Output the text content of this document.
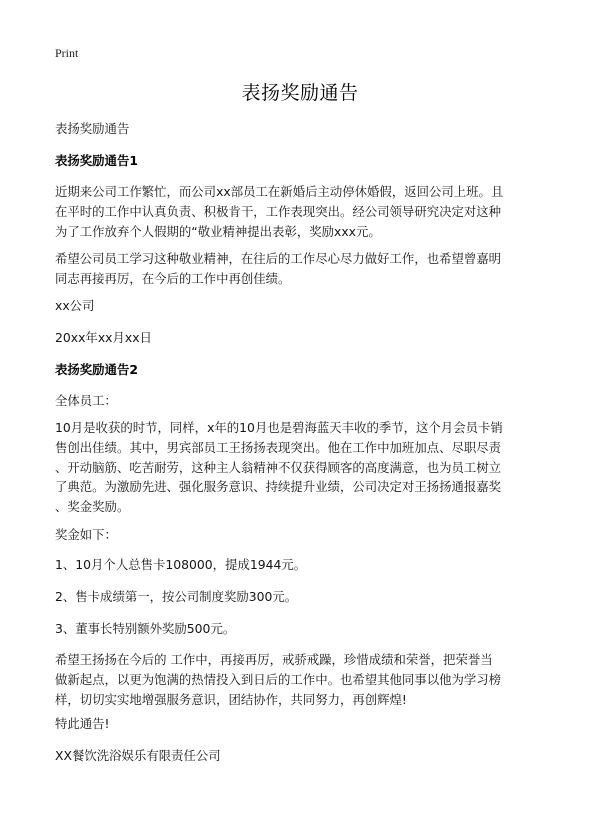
Print
表扬奖励通告
表扬奖励通告
表扬奖励通告1
近期来公司工作繁忙，而公司xx部员工在新婚后主动停休婚假，返回公司上班。且
在平时的工作中认真负责、积极肯干，工作表现突出。经公司领导研究决定对这种
为了工作放弃个人假期的“敬业精神提出表彰，奖励xxx元。
希望公司员工学习这种敬业精神，在往后的工作尽心尽力做好工作，也希望曾嘉明
同志再接再厉，在今后的工作中再创佳绩。
xx公司
20xx年xx月xx日
表扬奖励通告2
全体员工：
10月是收获的时节，同样，x年的10月也是碧海蓝天丰收的季节，这个月会员卡销
售创出佳绩。其中，男宾部员工王扬扬表现突出。他在工作中加班加点、尽职尽责
、开动脑筋、吃苦耐劳，这种主人翁精神不仅获得顾客的高度满意，也为员工树立
了典范。为激励先进、强化服务意识、持续提升业绩，公司决定对王扬扬通报嘉奖
、奖金奖励。
奖金如下：
1、10月个人总售卡108000，提成1944元。
2、售卡成绩第一，按公司制度奖励300元。
3、董事长特别额外奖励500元。
希望王扬扬在今后的 工作中，再接再厉，戒骄戒躁，珍惜成绩和荣誉，把荣誉当
做新起点，以更为饱满的热情投入到日后的工作中。也希望其他同事以他为学习榜
样，切切实实地增强服务意识，团结协作，共同努力，再创辉煌!
特此通告!
XX餐饮洗浴娱乐有限责任公司
